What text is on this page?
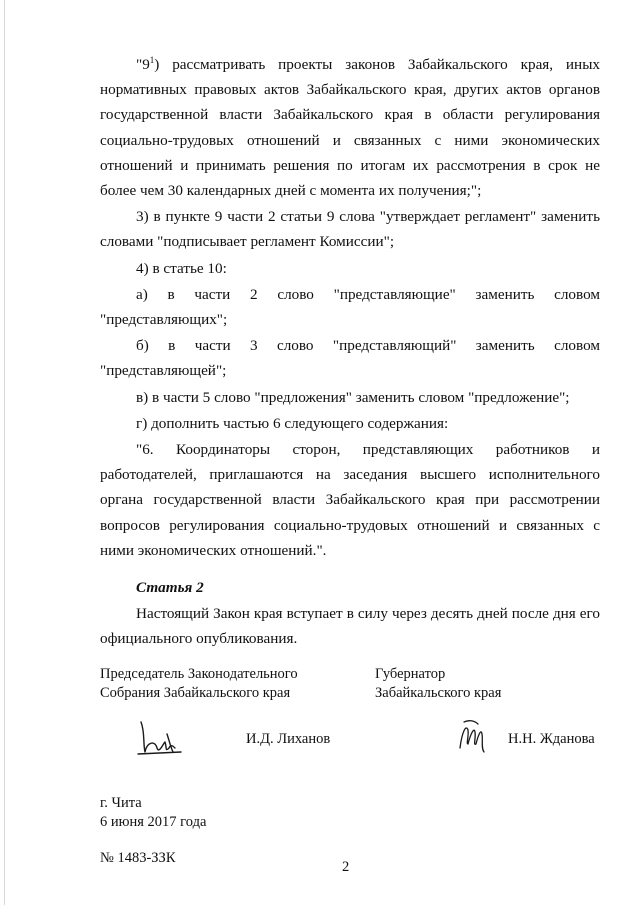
"$9^1$) рассматривать проекты законов Забайкальского края, иных нормативных правовых актов Забайкальского края, других актов органов государственной власти Забайкальского края в области регулирования социально-трудовых отношений и связанных с ними экономических отношений и принимать решения по итогам их рассмотрения в срок не более чем 30 календарных дней с момента их получения;";

3) в пункте 9 части 2 статьи 9 слова "утверждает регламент" заменить словами "подписывает регламент Комиссии";

4) в статье 10:

а) в части 2 слово "представляющие" заменить словом "представляющих";

б) в части 3 слово "представляющий" заменить словом "представляющей";

в) в части 5 слово "предложения" заменить словом "предложение";

г) дополнить частью 6 следующего содержания:

"6. Координаторы сторон, представляющих работников и работодателей, приглашаются на заседания высшего исполнительного органа государственной власти Забайкальского края при рассмотрении вопросов регулирования социально-трудовых отношений и связанных с ними экономических отношений.".

Статья 2

Настоящий Закон края вступает в силу через десять дней после дня его официального опубликования.

Председатель Законодательного
Собрания Забайкальского края
Губернатор
Забайкальского края
И.Д. Лиханов	Н.Н. Жданова
г. Чита
6 июня 2017 года
№ 1483-ЗЗК
2
